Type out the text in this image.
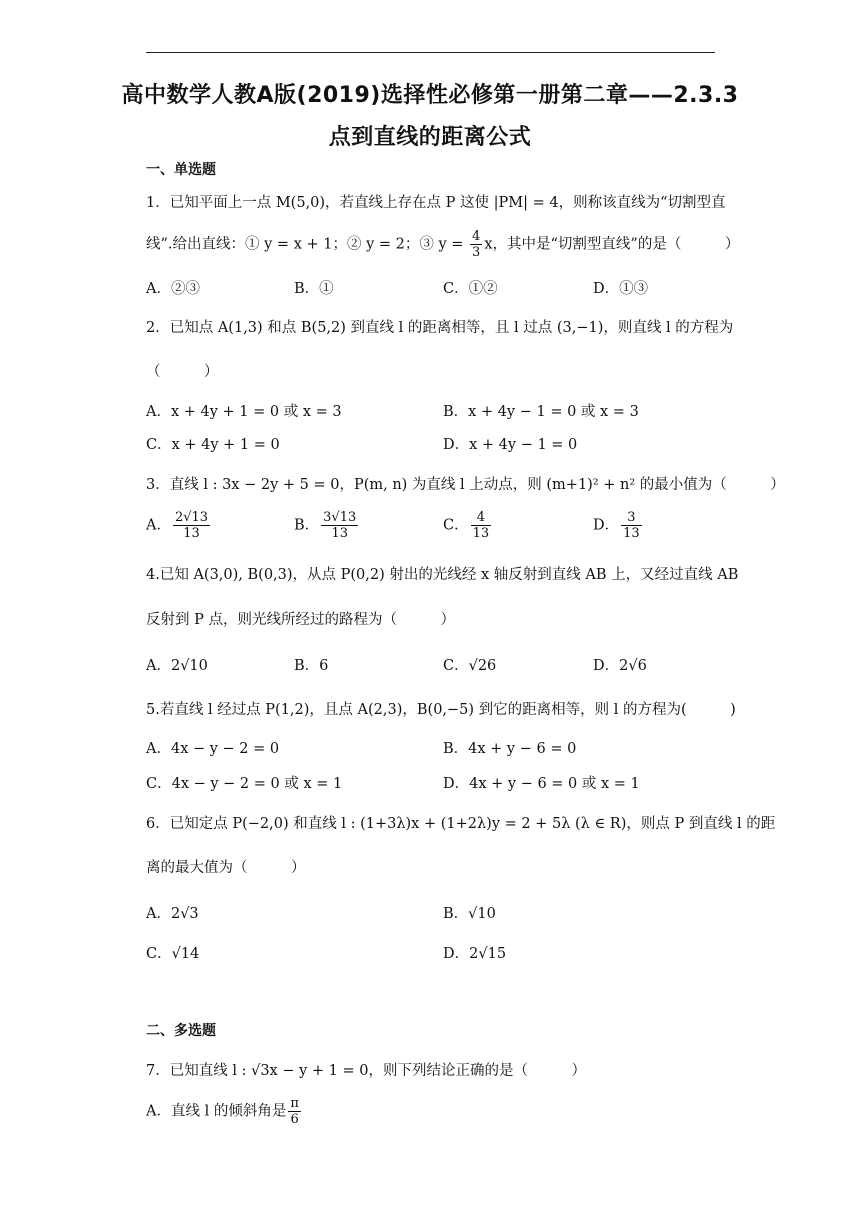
高中数学人教A版(2019)选择性必修第一册第二章——2.3.3
点到直线的距离公式
一、单选题
1．已知平面上一点 M(5,0)，若直线上存在点 P 这使 |PM| = 4，则称该直线为“切割型直
线”.给出直线：① y = x + 1；② y = 2；③ $y = \frac{4}{3}$ x，其中是“切割型直线”的是（　　　）
A．②③	B．①	C．①②	D．①③
2．已知点 A(1,3) 和点 B(5,2) 到直线 l 的距离相等，且 l 过点 (3,−1)，则直线 l 的方程为
（　　　）
A．x + 4y + 1 = 0 或 x = 3	B．x + 4y − 1 = 0 或 x = 3
C．x + 4y + 1 = 0	D．x + 4y − 1 = 0
3．直线 l : 3x − 2y + 5 = 0，P(m, n) 为直线 l 上动点，则 (m+1)² + n² 的最小值为（　　　）
A． $\frac{2√13}{13}$	B． $\frac{3√13}{13}$	C． $\frac{4}{13}$	D． $\frac{3}{13}$
4.已知 A(3,0), B(0,3)，从点 P(0,2) 射出的光线经 x 轴反射到直线 AB 上，又经过直线 AB
反射到 P 点，则光线所经过的路程为（　　　）
A．2√10	B．6	C．√26	D．2√6
5.若直线 l 经过点 P(1,2)，且点 A(2,3)，B(0,−5) 到它的距离相等，则 l 的方程为(　　　)
A．4x − y − 2 = 0	B．4x + y − 6 = 0
C．4x − y − 2 = 0 或 x = 1	D．4x + y − 6 = 0 或 x = 1
6．已知定点 P(−2,0) 和直线 l : (1+3λ)x + (1+2λ)y = 2 + 5λ (λ ∈ R)，则点 P 到直线 l 的距
离的最大值为（　　　）
A．2√3	B．√10
C．√14	D．2√15
二、多选题
7．已知直线 l : √3x − y + 1 = 0，则下列结论正确的是（　　　）
A．直线 l 的倾斜角是 $\frac{\pi}{6}$
